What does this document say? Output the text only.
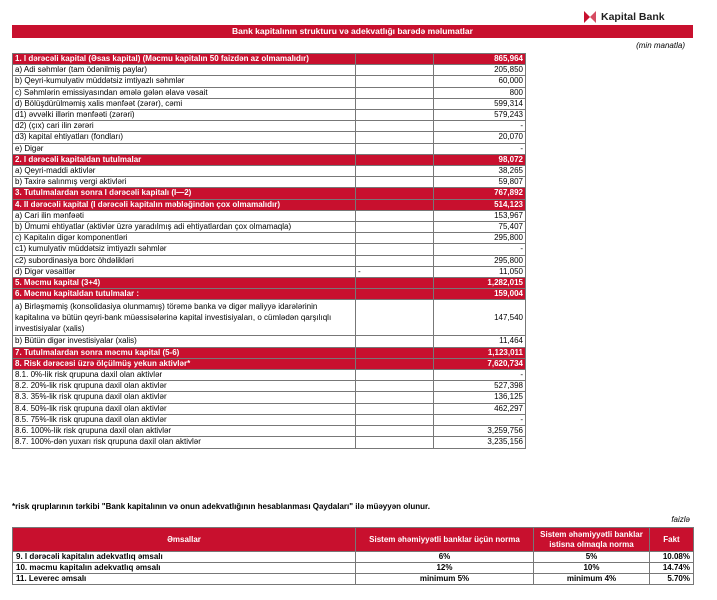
Kapital Bank
Bank kapitalının strukturu və adekvatlığı barədə məlumatlar
(min manatla)
1. I dərəcəli kapital (Əsas kapital) (Məcmu kapitalın 50 faizdən az olmamalıdır)		865,964
a) Adi səhmlər (tam ödənilmiş paylar)		205,850
b) Qeyri-kumulyativ müddətsiz imtiyazlı səhmlər		60,000
c) Səhmlərin emissiyasından əmələ gələn əlavə vəsait		800
d) Bölüşdürülməmiş xalis mənfəət (zərər), cəmi		599,314
d1) əvvəlki illərin mənfəəti (zərəri)		579,243
d2) (çıx) cari ilin zərəri		-
d3) kapital ehtiyatları (fondları)		20,070
e) Digər		-
2. I dərəcəli kapitaldan tutulmalar		98,072
a) Qeyri-maddi aktivlər		38,265
b) Taxirə salınmış vergi aktivləri		59,807
3. Tutulmalardan sonra I dərəcəli kapitalı (I—2)		767,892
4. II dərəcəli kapital (I dərəcəli kapitalın məbləğindən çox olmamalıdır)		514,123
a) Cari ilin mənfəəti		153,967
b) Ümumi ehtiyatlar (aktivlər üzrə yaradılmış adi ehtiyatlardan çox olmamaqla)		75,407
c) Kapitalın digər komponentləri		295,800
c1) kumulyativ müddətsiz imtiyazlı səhmlər		-
c2) subordinasiya borc öhdəlikləri		295,800
d) Digər vəsaitlər	-	11,050
5. Məcmu kapital (3+4)		1,282,015
6. Məcmu kapitaldan tutulmalar :		159,004
a) Birləşməmiş (konsolidasiya olunmamış) törəmə banka və digər maliyyə idarələrinin kapitalına və bütün qeyri-bank müəssisələrinə kapital investisiyaları, o cümlədən qarşılıqlı investisiyalar (xalis)		147,540
b) Bütün digər investisiyalar (xalis)		11,464
7. Tutulmalardan sonra məcmu kapital (5-6)		1,123,011
8. Risk dərəcəsi üzrə ölçülmüş yekun aktivlər*		7,620,734
8.1. 0%-lik risk qrupuna daxil olan aktivlər		-
8.2. 20%-lik risk qrupuna daxil olan aktivlər		527,398
8.3. 35%-lik risk qrupuna daxil olan aktivlər		136,125
8.4. 50%-lik risk qrupuna daxil olan aktivlər		462,297
8.5. 75%-lik risk qrupuna daxil olan aktivlər		-
8.6. 100%-lik risk qrupuna daxil olan aktivlər		3,259,756
8.7. 100%-dən yuxarı risk qrupuna daxil olan aktivlər		3,235,156
*risk qruplarının tərkibi "Bank kapitalının və onun adekvatlığının hesablanması Qaydaları" ilə müəyyən olunur.
faizlə
Əmsallar	Sistem əhəmiyyətli banklar üçün norma	Sistem əhəmiyyətli banklar istisna olmaqla norma	Fakt
9. I dərəcəli kapitalın adekvatlıq əmsalı	6%	5%	10.08%
10. məcmu kapitalın adekvatlıq əmsalı	12%	10%	14.74%
11. Leverec əmsalı	minimum 5%	minimum 4%	5.70%
